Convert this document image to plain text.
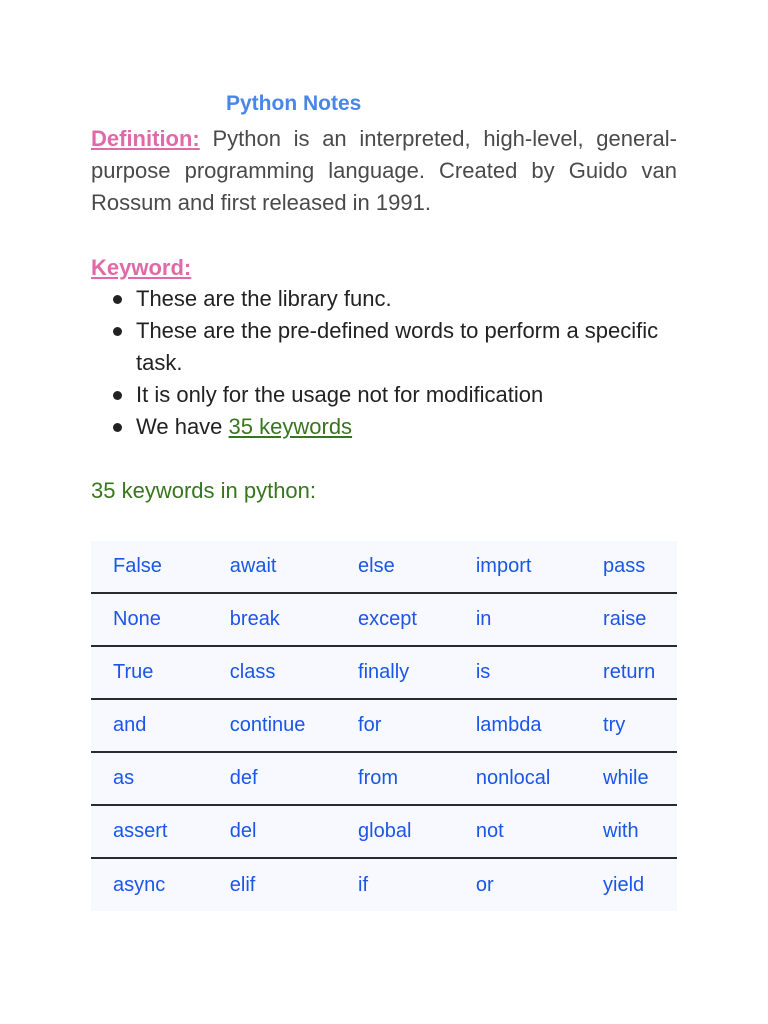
Python Notes
Definition: Python is an interpreted, high-level, general-purpose programming language. Created by Guido van Rossum and first released in 1991.
Keyword:
These are the library func.
These are the pre-defined words to perform a specific task.
It is only for the usage not for modification
We have 35 keywords
35 keywords in python:
False	await	else	import	pass
None	break	except	in	raise
True	class	finally	is	return
and	continue	for	lambda	try
as	def	from	nonlocal	while
assert	del	global	not	with
async	elif	if	or	yield
